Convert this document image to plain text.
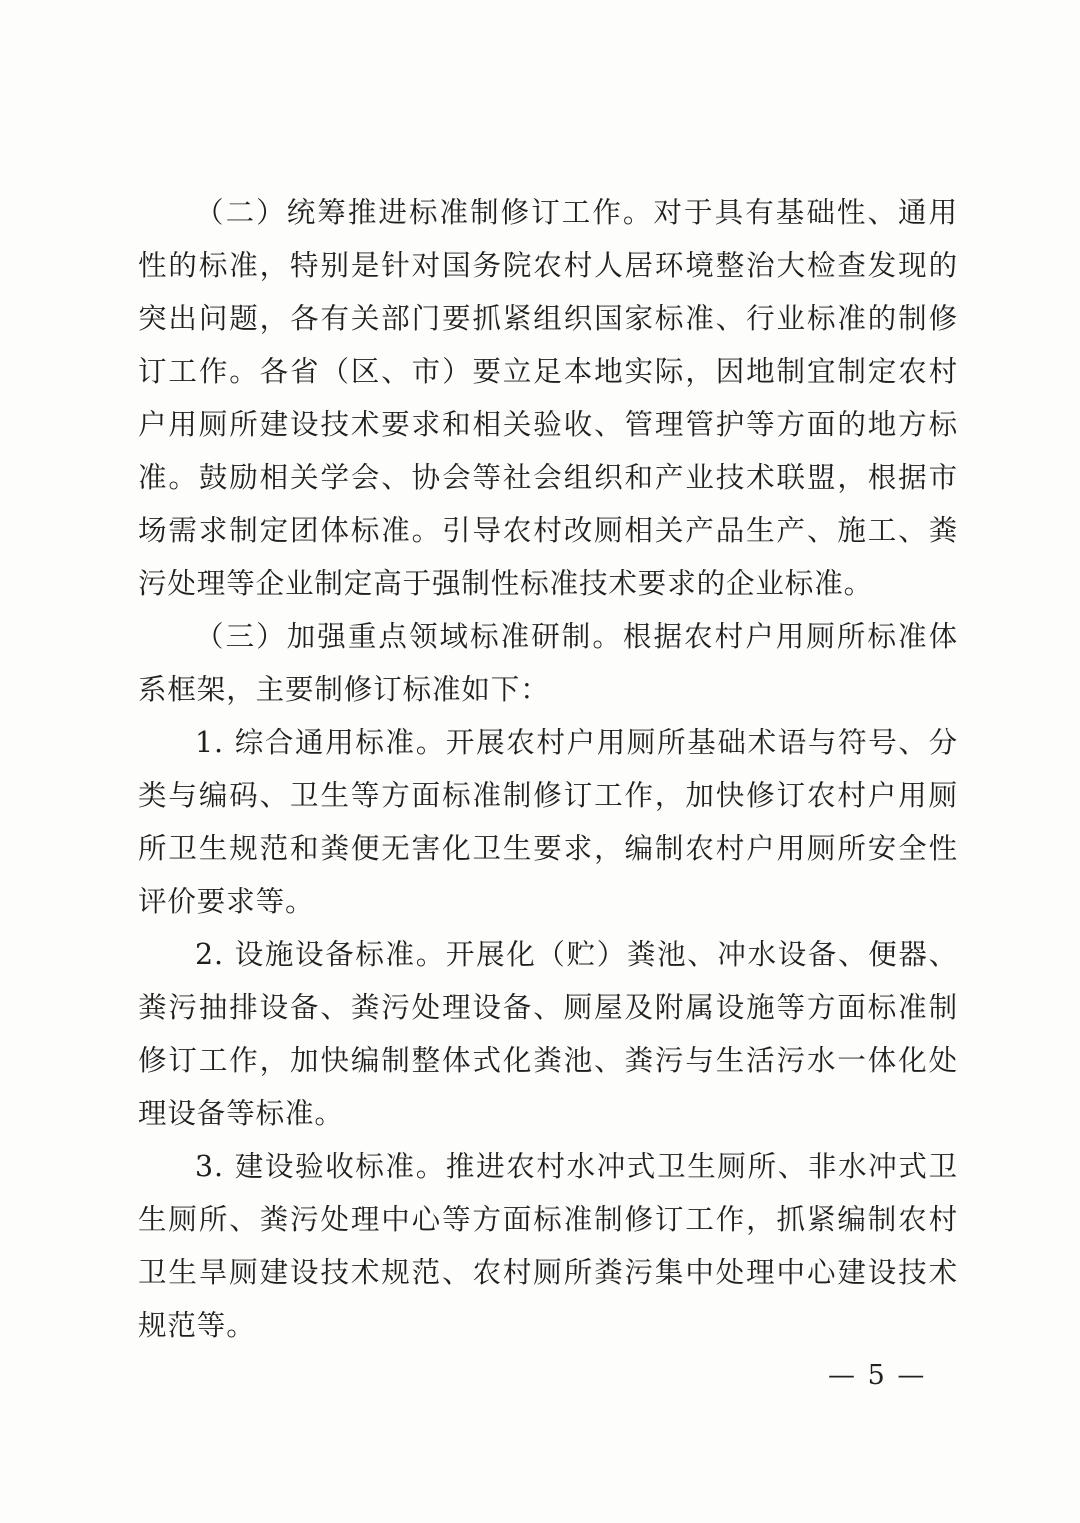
（二）统筹推进标准制修订工作。对于具有基础性、通用性的标准，特别是针对国务院农村人居环境整治大检查发现的突出问题，各有关部门要抓紧组织国家标准、行业标准的制修订工作。各省（区、市）要立足本地实际，因地制宜制定农村户用厕所建设技术要求和相关验收、管理管护等方面的地方标准。鼓励相关学会、协会等社会组织和产业技术联盟，根据市场需求制定团体标准。引导农村改厕相关产品生产、施工、粪污处理等企业制定高于强制性标准技术要求的企业标准。

（三）加强重点领域标准研制。根据农村户用厕所标准体系框架，主要制修订标准如下：

1. 综合通用标准。开展农村户用厕所基础术语与符号、分类与编码、卫生等方面标准制修订工作，加快修订农村户用厕所卫生规范和粪便无害化卫生要求，编制农村户用厕所安全性评价要求等。

2. 设施设备标准。开展化（贮）粪池、冲水设备、便器、粪污抽排设备、粪污处理设备、厕屋及附属设施等方面标准制修订工作，加快编制整体式化粪池、粪污与生活污水一体化处理设备等标准。

3. 建设验收标准。推进农村水冲式卫生厕所、非水冲式卫生厕所、粪污处理中心等方面标准制修订工作，抓紧编制农村卫生旱厕建设技术规范、农村厕所粪污集中处理中心建设技术规范等。

— 5 —
